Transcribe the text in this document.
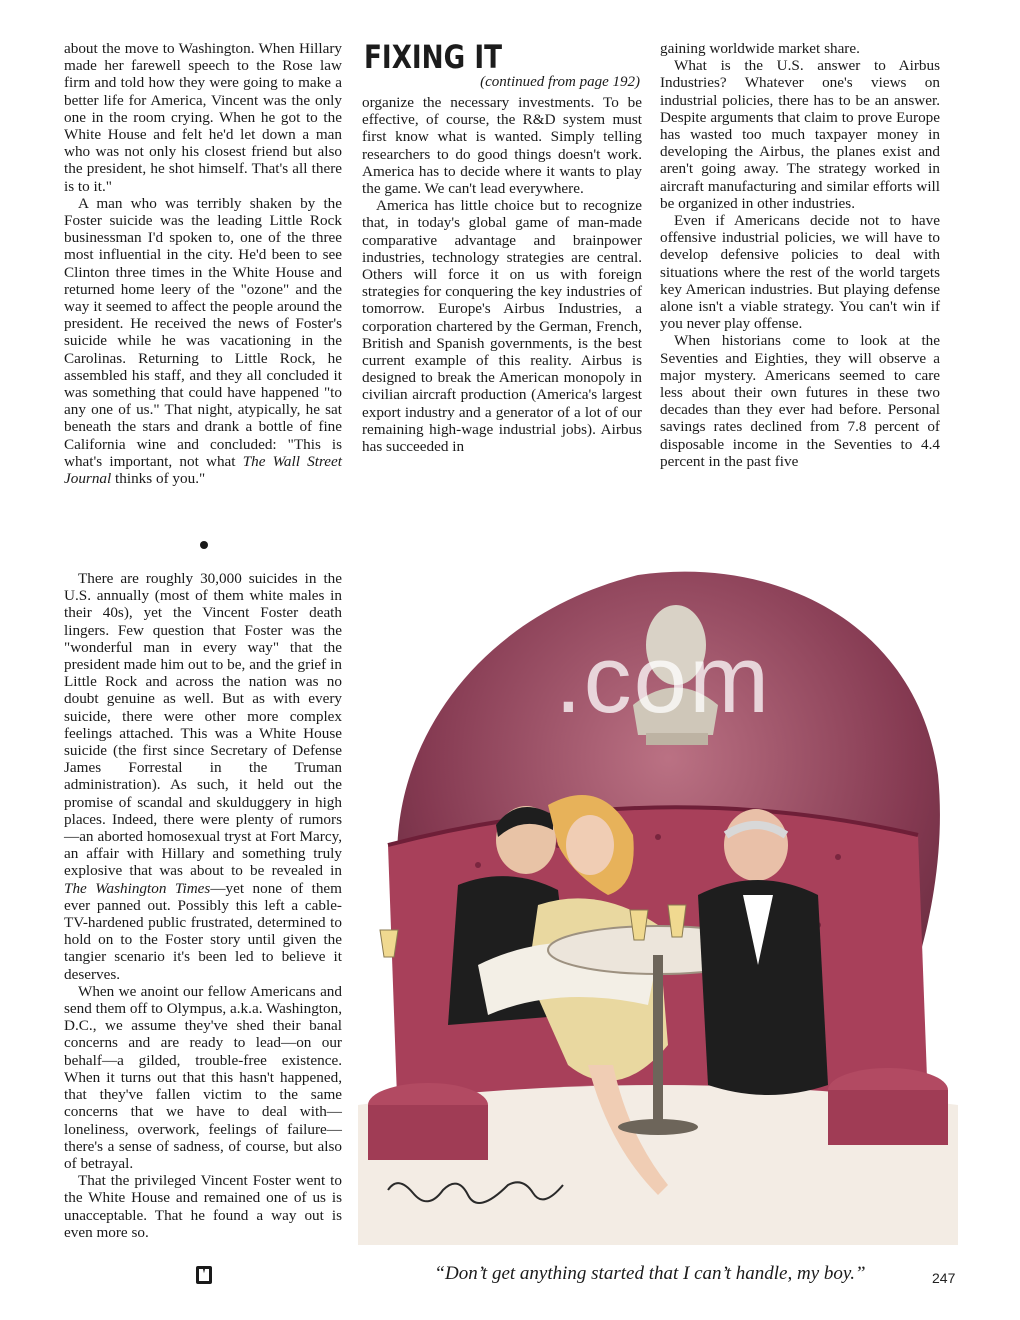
about the move to Washington. When Hillary made her farewell speech to the Rose law firm and told how they were going to make a better life for America, Vincent was the only one in the room crying. When he got to the White House and felt he'd let down a man who was not only his closest friend but also the president, he shot himself. That's all there is to it."

A man who was terribly shaken by the Foster suicide was the leading Little Rock businessman I'd spoken to, one of the three most influential in the city. He'd been to see Clinton three times in the White House and returned home leery of the "ozone" and the way it seemed to affect the people around the president. He received the news of Foster's suicide while he was vacationing in the Carolinas. Returning to Little Rock, he assembled his staff, and they all concluded it was something that could have happened "to any one of us." That night, atypically, he sat beneath the stars and drank a bottle of fine California wine and concluded: "This is what's important, not what The Wall Street Journal thinks of you."

There are roughly 30,000 suicides in the U.S. annually (most of them white males in their 40s), yet the Vincent Foster death lingers. Few question that Foster was the "wonderful man in every way" that the president made him out to be, and the grief in Little Rock and across the nation was no doubt genuine as well. But as with every suicide, there were other more complex feelings attached. This was a White House suicide (the first since Secretary of Defense James Forrestal in the Truman administration). As such, it held out the promise of scandal and skulduggery in high places. Indeed, there were plenty of rumors—an aborted homosexual tryst at Fort Marcy, an affair with Hillary and something truly explosive that was about to be revealed in The Washington Times—yet none of them ever panned out. Possibly this left a cable-TV-hardened public frustrated, determined to hold on to the Foster story until given the tangier scenario it's been led to believe it deserves.

When we anoint our fellow Americans and send them off to Olympus, a.k.a. Washington, D.C., we assume they've shed their banal concerns and are ready to lead—on our behalf—a gilded, trouble-free existence. When it turns out that this hasn't happened, that they've fallen victim to the same concerns that we have to deal with—loneliness, overwork, feelings of failure—there's a sense of sadness, of course, but also of betrayal.

That the privileged Vincent Foster went to the White House and remained one of us is unacceptable. That he found a way out is even more so.

FIXING IT
(continued from page 192)

organize the necessary investments. To be effective, of course, the R&D system must first know what is wanted. Simply telling researchers to do good things doesn't work. America has to decide where it wants to play the game. We can't lead everywhere.

America has little choice but to recognize that, in today's global game of man-made comparative advantage and brainpower industries, technology strategies are central. Others will force it on us with foreign strategies for conquering the key industries of tomorrow. Europe's Airbus Industries, a corporation chartered by the German, French, British and Spanish governments, is the best current example of this reality. Airbus is designed to break the American monopoly in civilian aircraft production (America's largest export industry and a generator of a lot of our remaining high-wage industrial jobs). Airbus has succeeded in

gaining worldwide market share.

What is the U.S. answer to Airbus Industries? Whatever one's views on industrial policies, there has to be an answer. Despite arguments that claim to prove Europe has wasted too much taxpayer money in developing the Airbus, the planes exist and aren't going away. The strategy worked in aircraft manufacturing and similar efforts will be organized in other industries.

Even if Americans decide not to have offensive industrial policies, we will have to develop defensive policies to deal with situations where the rest of the world targets key American industries. But playing defense alone isn't a viable strategy. You can't win if you never play offense.

When historians come to look at the Seventies and Eighties, they will observe a major mystery. Americans seemed to care less about their own futures in these two decades than they ever had before. Personal savings rates declined from 7.8 percent of disposable income in the Seventies to 4.4 percent in the past five

.com
“Don’t get anything started that I can’t handle, my boy.”	247
